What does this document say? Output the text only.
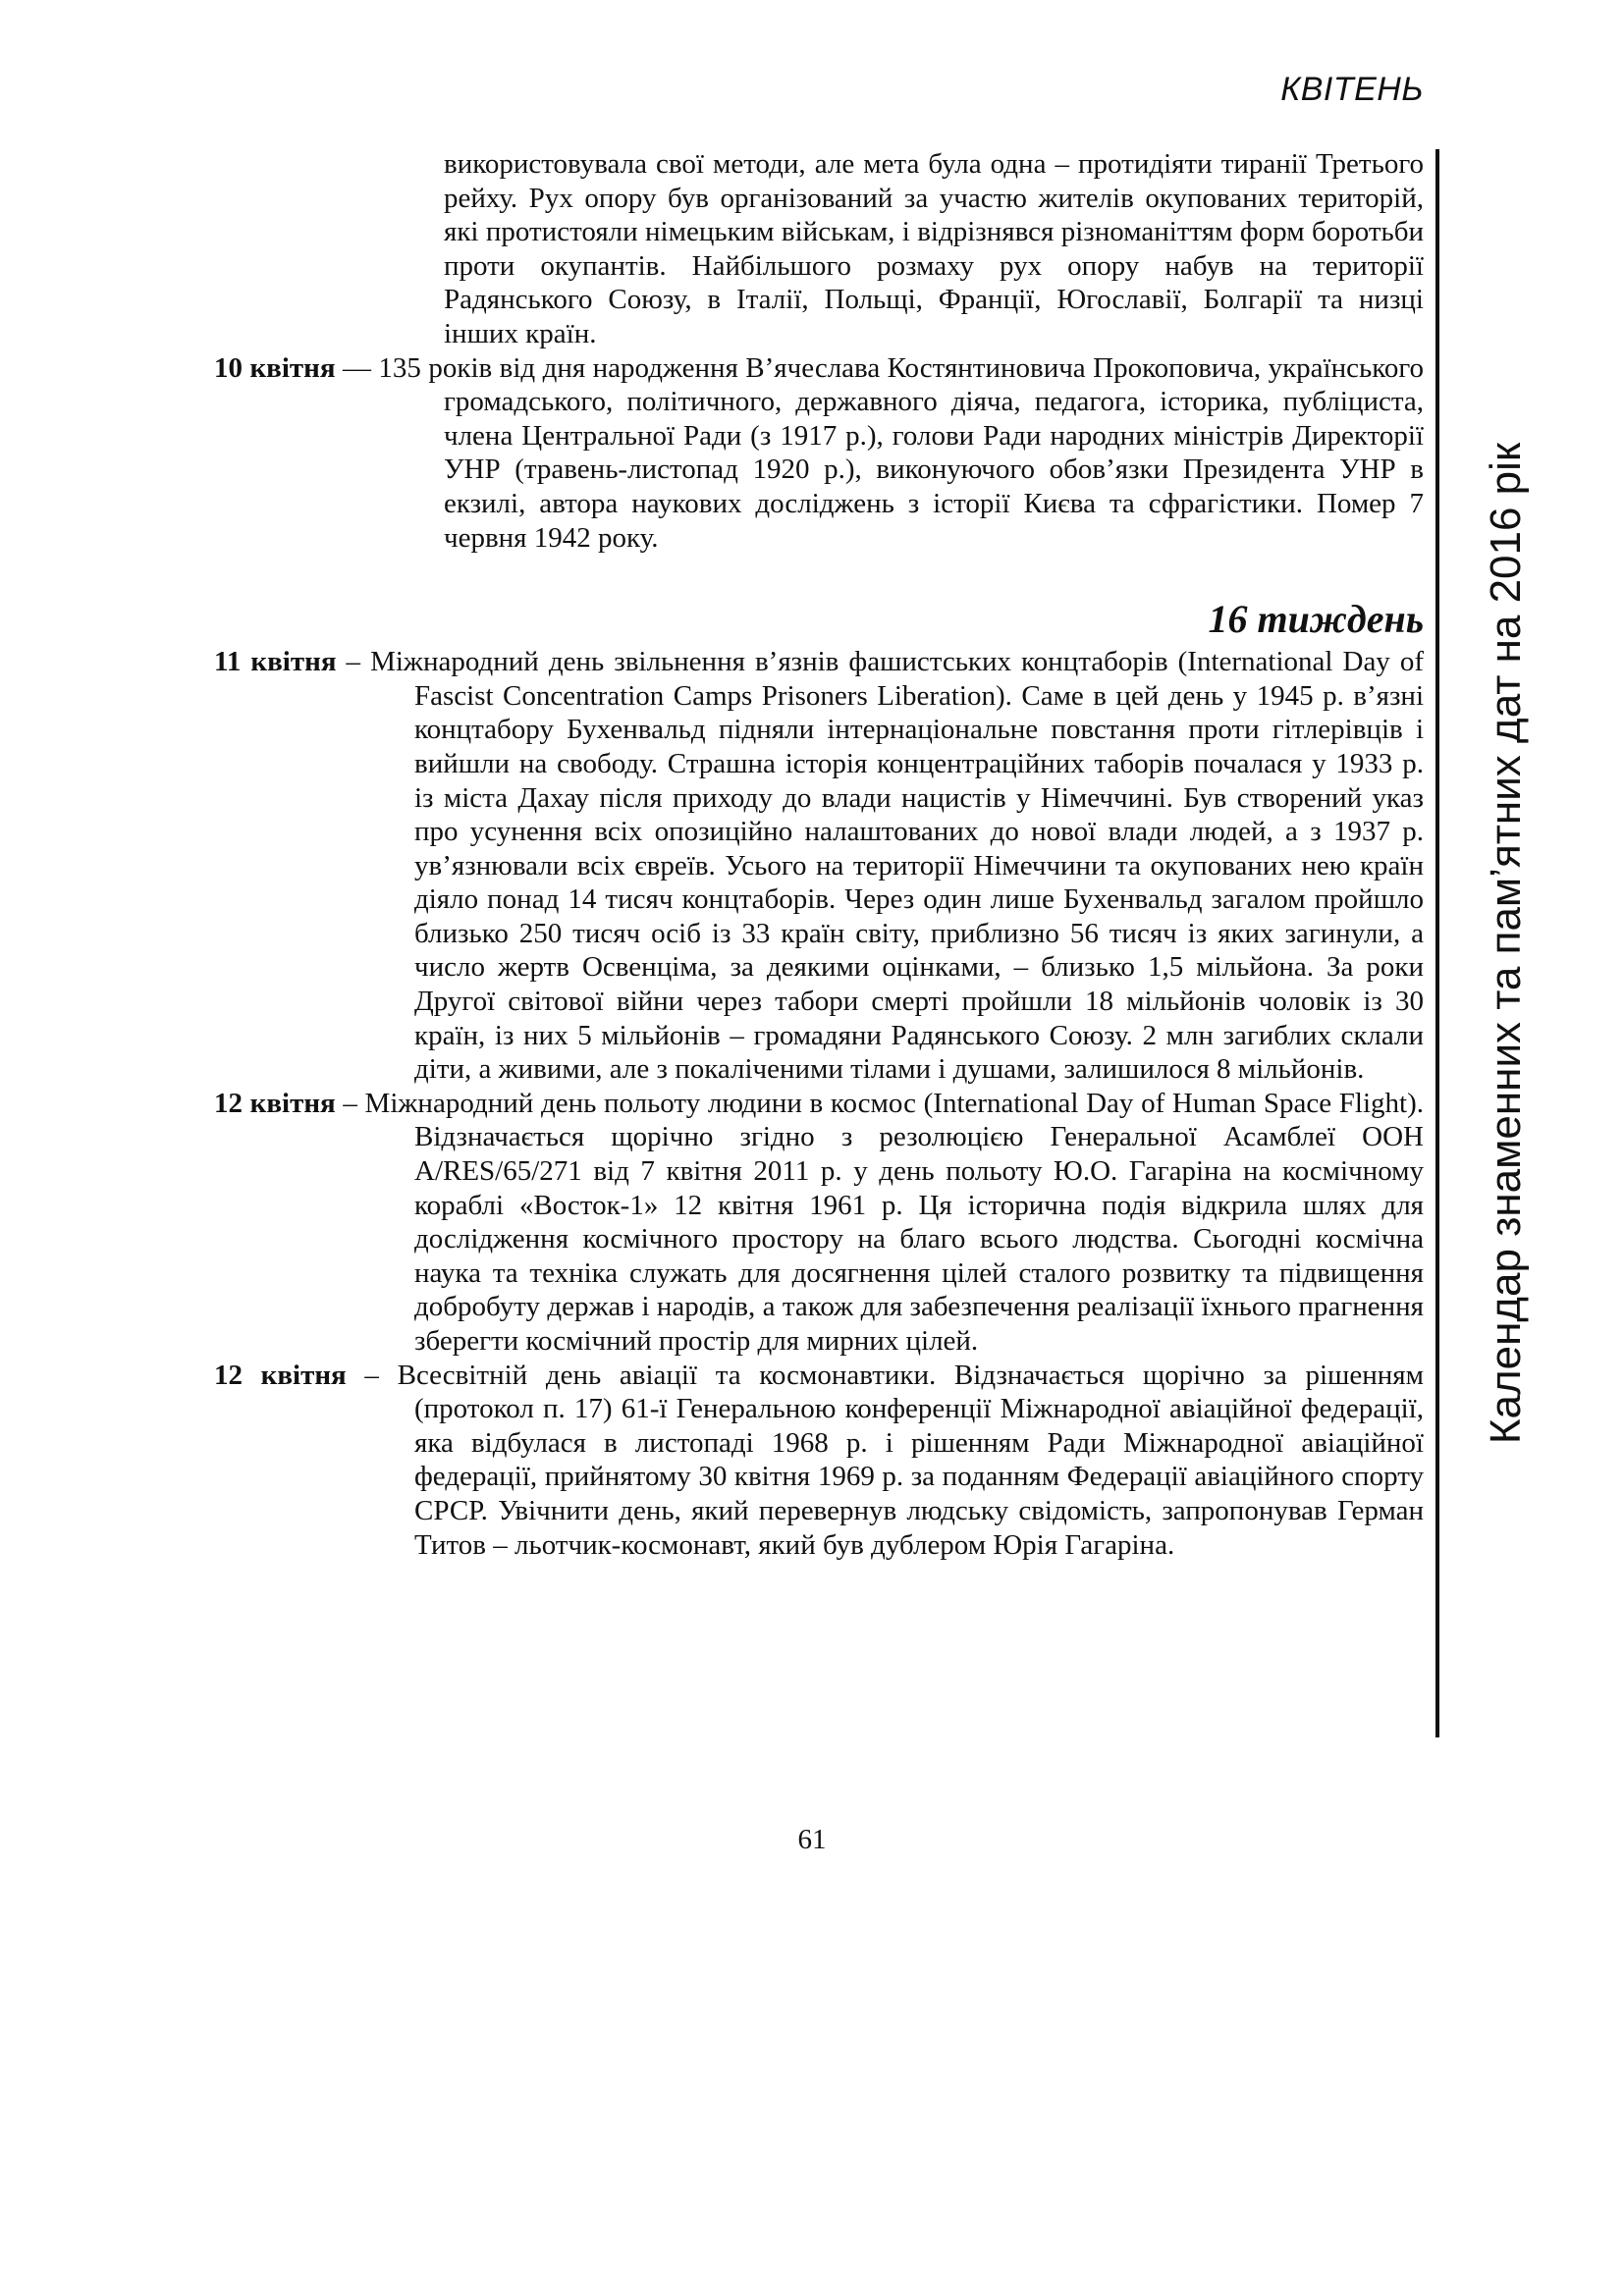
КВІТЕНЬ
Календар знаменних та пам’ятних дат на 2016 рік

використовувала свої методи, але мета була одна – протидіяти тиранії Третього рейху. Рух опору був організований за участю жителів окупованих територій, які протистояли німецьким військам, і відрізнявся різноманіттям форм боротьби проти окупантів. Найбільшого розмаху рух опору набув на території Радянського Союзу, в Італії, Польщі, Франції, Югославії, Болгарії та низці інших країн.

10 квітня — 135 років від дня народження В’ячеслава Костянтиновича Прокоповича, українського громадського, політичного, державного діяча, педагога, історика, публіциста, члена Центральної Ради (з 1917 р.), голови Ради народних міністрів Директорії УНР (травень-листопад 1920 р.), виконуючого обов’язки Президента УНР в екзилі, автора наукових досліджень з історії Києва та сфрагістики. Помер 7 червня 1942 року.

16 тиждень

11 квітня – Міжнародний день звільнення в’язнів фашистських концтаборів (International Day of Fascist Concentration Camps Prisoners Liberation). Саме в цей день у 1945 р. в’язні концтабору Бухенвальд підняли інтернаціональне повстання проти гітлерівців і вийшли на свободу. Страшна історія концентраційних таборів почалася у 1933 р. із міста Дахау після приходу до влади нацистів у Німеччині. Був створений указ про усунення всіх опозиційно налаштованих до нової влади людей, а з 1937 р. ув’язнювали всіх євреїв. Усього на території Німеччини та окупованих нею країн діяло понад 14 тисяч концтаборів. Через один лише Бухенвальд загалом пройшло близько 250 тисяч осіб із 33 країн світу, приблизно 56 тисяч із яких загинули, а число жертв Освенціма, за деякими оцінками, – близько 1,5 мільйона. За роки Другої світової війни через табори смерті пройшли 18 мільйонів чоловік із 30 країн, із них 5 мільйонів – громадяни Радянського Союзу. 2 млн загиблих склали діти, а живими, але з покаліченими тілами і душами, залишилося 8 мільйонів.

12 квітня – Міжнародний день польоту людини в космос (International Day of Human Space Flight). Відзначається щорічно згідно з резолюцією Генеральної Асамблеї ООН A/RES/65/271 від 7 квітня 2011 р. у день польоту Ю.О. Гагаріна на космічному кораблі «Восток-1» 12 квітня 1961 р. Ця історична подія відкрила шлях для дослідження космічного простору на благо всього людства. Сьогодні космічна наука та техніка служать для досягнення цілей сталого розвитку та підвищення добробуту держав і народів, а також для забезпечення реалізації їхнього прагнення зберегти космічний простір для мирних цілей.

12 квітня – Всесвітній день авіації та космонавтики. Відзначається щорічно за рішенням (протокол п. 17) 61-ї Генеральною конференції Міжнародної авіаційної федерації, яка відбулася в листопаді 1968 р. і рішенням Ради Міжнародної авіаційної федерації, прийнятому 30 квітня 1969 р. за поданням Федерації авіаційного спорту СРСР. Увічнити день, який перевернув людську свідомість, запропонував Герман Титов – льотчик-космонавт, який був дублером Юрія Гагаріна.

61
